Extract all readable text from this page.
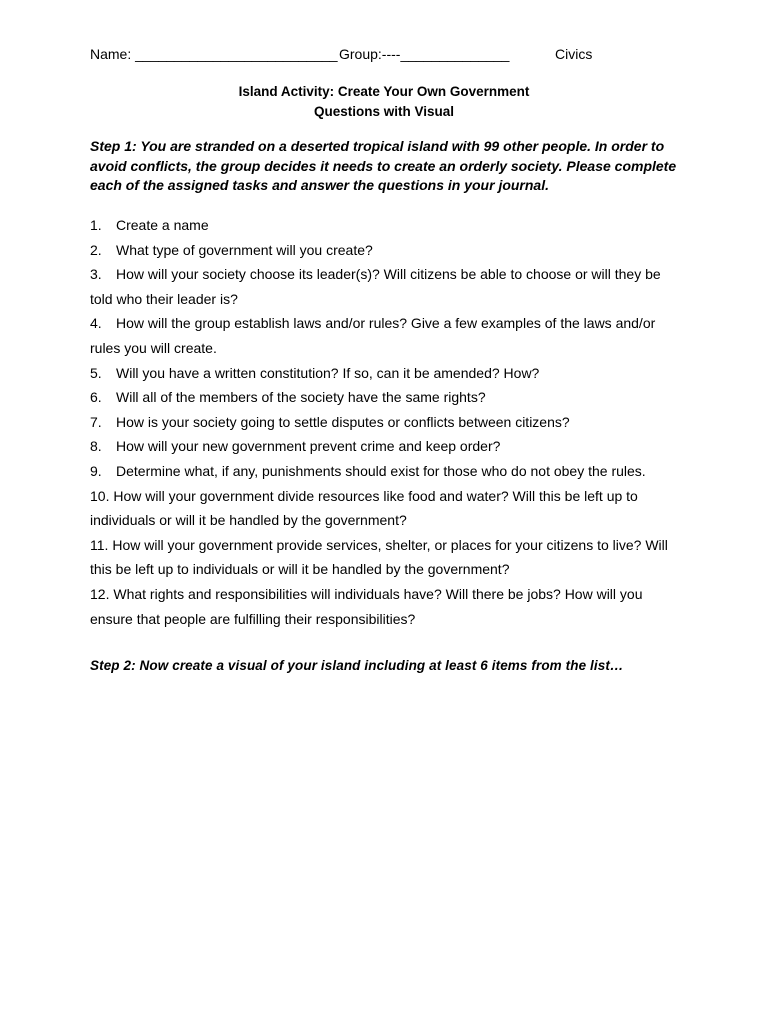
Name: __________________________ Group:----______________	Civics
Island Activity: Create Your Own Government
Questions with Visual
Step 1: You are stranded on a deserted tropical island with 99 other people. In order to
avoid conflicts, the group decides it needs to create an orderly society. Please complete
each of the assigned tasks and answer the questions in your journal.
1. Create a name
2. What type of government will you create?
3. How will your society choose its leader(s)? Will citizens be able to choose or will they be
told who their leader is?
4. How will the group establish laws and/or rules? Give a few examples of the laws and/or
rules you will create.
5. Will you have a written constitution? If so, can it be amended? How?
6. Will all of the members of the society have the same rights?
7. How is your society going to settle disputes or conflicts between citizens?
8. How will your new government prevent crime and keep order?
9. Determine what, if any, punishments should exist for those who do not obey the rules.
10. How will your government divide resources like food and water? Will this be left up to
individuals or will it be handled by the government?
11. How will your government provide services, shelter, or places for your citizens to live? Will
this be left up to individuals or will it be handled by the government?
12. What rights and responsibilities will individuals have? Will there be jobs? How will you
ensure that people are fulfilling their responsibilities?
Step 2: Now create a visual of your island including at least 6 items from the list…
